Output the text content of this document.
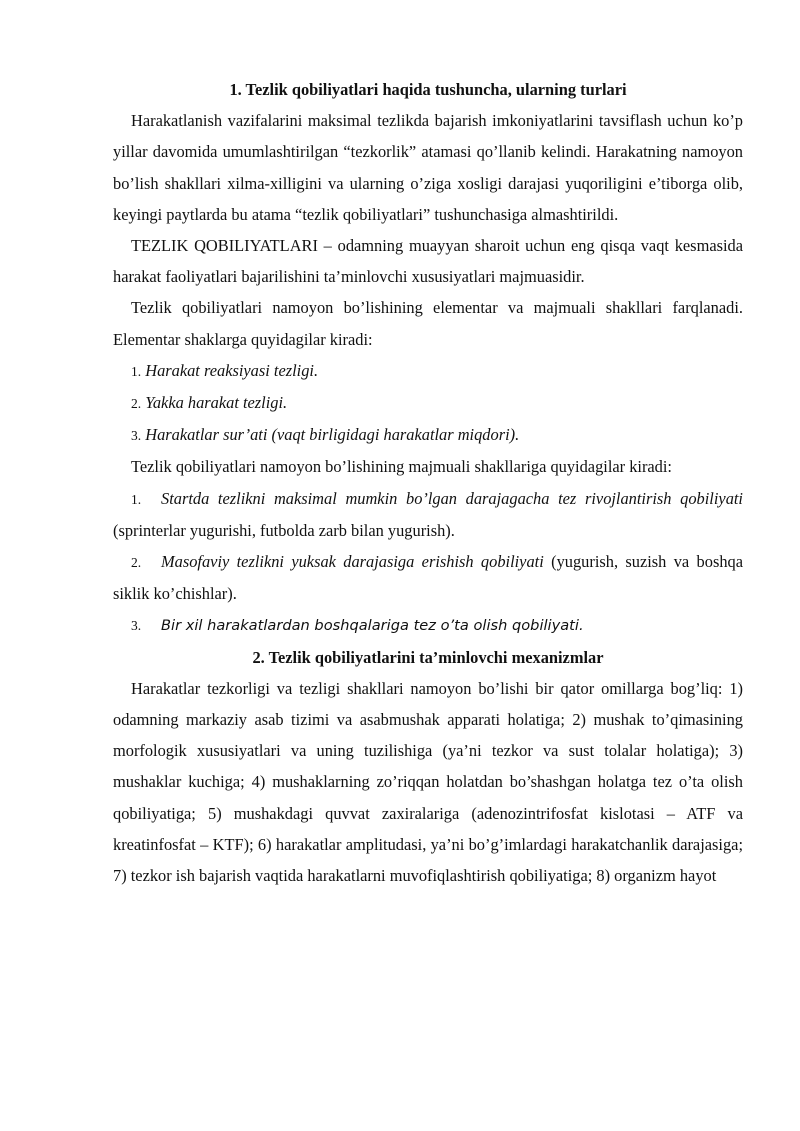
1. Tezlik qobiliyatlari haqida tushuncha, ularning turlari

Harakatlanish vazifalarini maksimal tezlikda bajarish imkoniyatlarini tavsiflash uchun ko’p yillar davomida umumlashtirilgan “tezkorlik” atamasi qo’llanib kelindi. Harakatning namoyon bo’lish shakllari xilma-xilligini va ularning o’ziga xosligi darajasi yuqoriligini e’tiborga olib, keyingi paytlarda bu atama “tezlik qobiliyatlari” tushunchasiga almashtirildi.

TEZLIK QOBILIYATLARI – odamning muayyan sharoit uchun eng qisqa vaqt kesmasida harakat faoliyatlari bajarilishini ta’minlovchi xususiyatlari majmuasidir.

Tezlik qobiliyatlari namoyon bo’lishining elementar va majmuali shakllari farqlanadi. Elementar shaklarga quyidagilar kiradi:

1. Harakat reaksiyasi tezligi.

2. Yakka harakat tezligi.

3. Harakatlar sur’ati (vaqt birligidagi harakatlar miqdori).

Tezlik qobiliyatlari namoyon bo’lishining majmuali shakllariga quyidagilar kiradi:

1. Startda tezlikni maksimal mumkin bo’lgan darajagacha tez rivojlantirish qobiliyati (sprinterlar yugurishi, futbolda zarb bilan yugurish).

2. Masofaviy tezlikni yuksak darajasiga erishish qobiliyati (yugurish, suzish va boshqa siklik ko’chishlar).

3. Bir xil harakatlardan boshqalariga tez o’ta olish qobiliyati.

2. Tezlik qobiliyatlarini ta’minlovchi mexanizmlar

Harakatlar tezkorligi va tezligi shakllari namoyon bo’lishi bir qator omillarga bog’liq: 1) odamning markaziy asab tizimi va asabmushak apparati holatiga; 2) mushak to’qimasining morfologik xususiyatlari va uning tuzilishiga (ya’ni tezkor va sust tolalar holatiga); 3) mushaklar kuchiga; 4) mushaklarning zo’riqqan holatdan bo’shashgan holatga tez o’ta olish qobiliyatiga; 5) mushakdagi quvvat zaxiralariga (adenozintrifosfat kislotasi – ATF va kreatinfosfat – KTF); 6) harakatlar amplitudasi, ya’ni bo’g’imlardagi harakatchanlik darajasiga; 7) tezkor ish bajarish vaqtida harakatlarni muvofiqlashtirish qobiliyatiga; 8) organizm hayot
